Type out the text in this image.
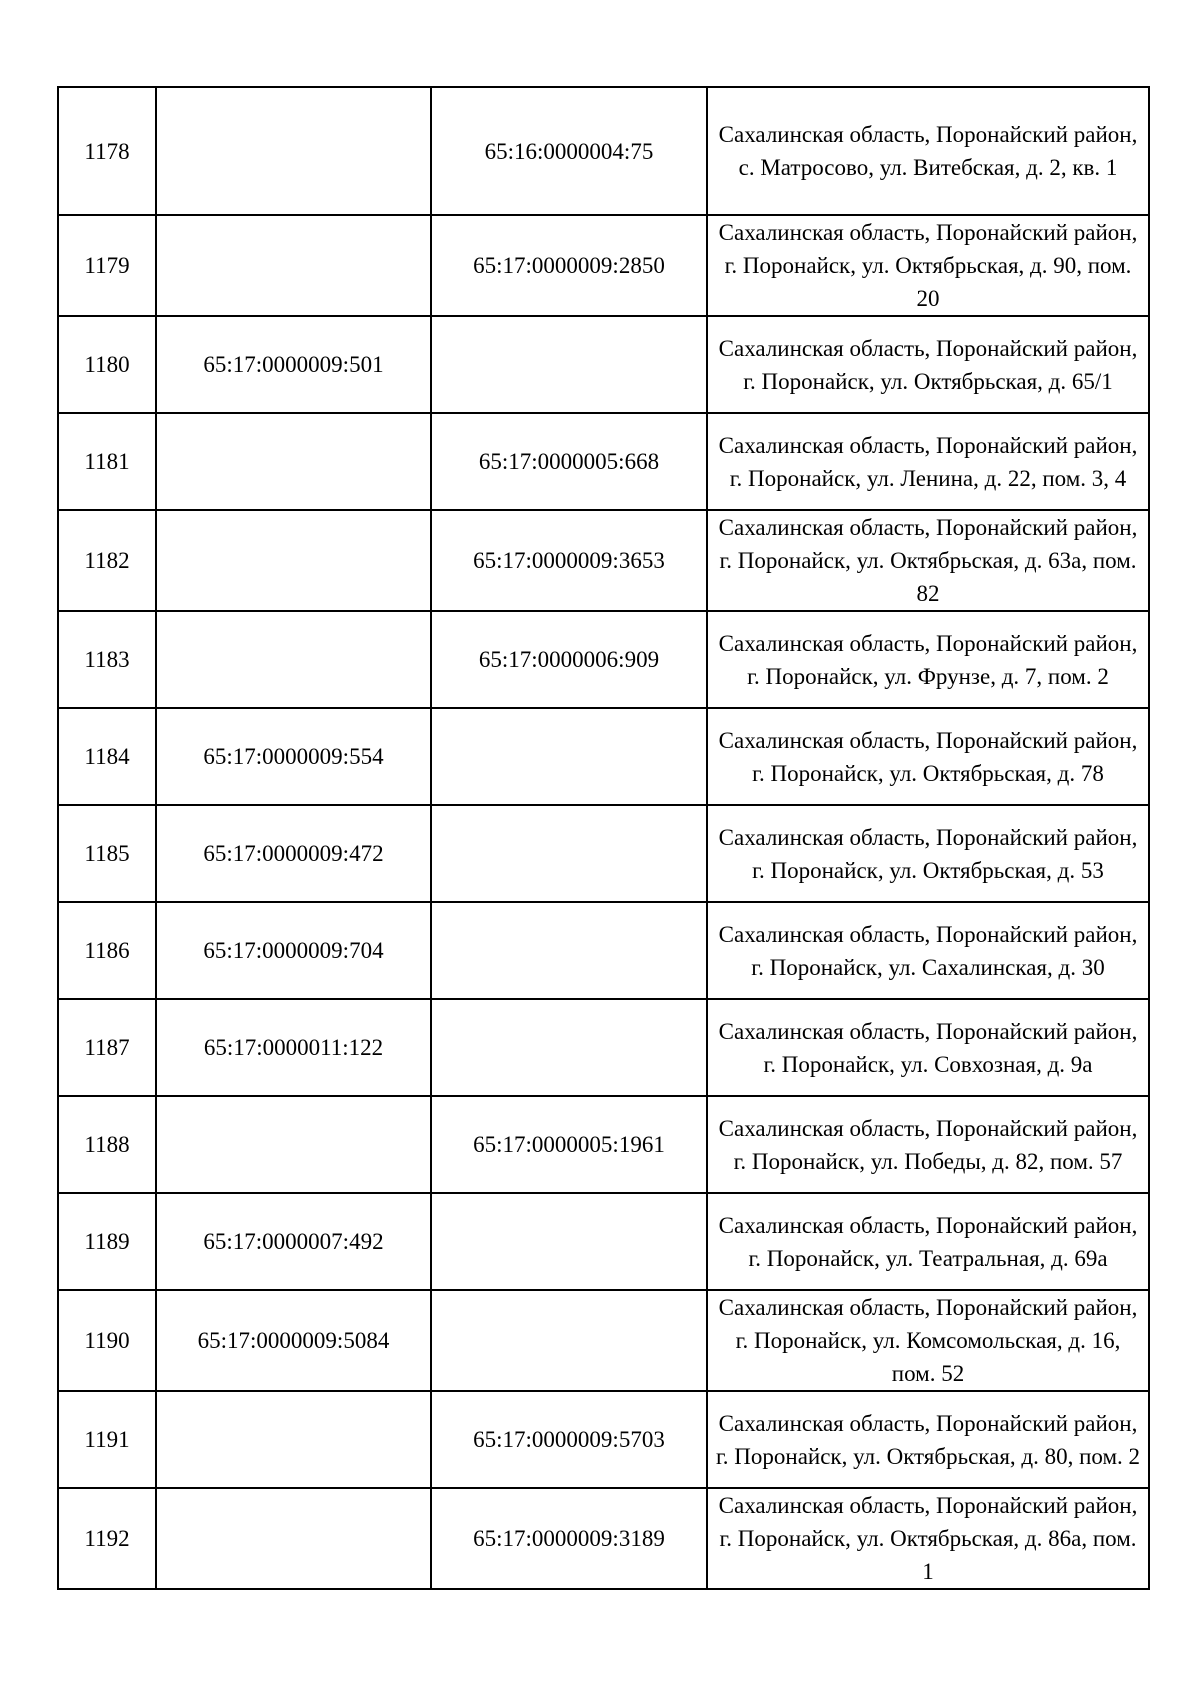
1178		65:16:0000004:75	Сахалинская область, Поронайский район, с. Матросово, ул. Витебская, д. 2, кв. 1
1179		65:17:0000009:2850	Сахалинская область, Поронайский район, г. Поронайск, ул. Октябрьская, д. 90, пом. 20
1180	65:17:0000009:501		Сахалинская область, Поронайский район, г. Поронайск, ул. Октябрьская, д. 65/1
1181		65:17:0000005:668	Сахалинская область, Поронайский район, г. Поронайск, ул. Ленина, д. 22, пом. 3, 4
1182		65:17:0000009:3653	Сахалинская область, Поронайский район, г. Поронайск, ул. Октябрьская, д. 63а, пом. 82
1183		65:17:0000006:909	Сахалинская область, Поронайский район, г. Поронайск, ул. Фрунзе, д. 7, пом. 2
1184	65:17:0000009:554		Сахалинская область, Поронайский район, г. Поронайск, ул. Октябрьская, д. 78
1185	65:17:0000009:472		Сахалинская область, Поронайский район, г. Поронайск, ул. Октябрьская, д. 53
1186	65:17:0000009:704		Сахалинская область, Поронайский район, г. Поронайск, ул. Сахалинская, д. 30
1187	65:17:0000011:122		Сахалинская область, Поронайский район, г. Поронайск, ул. Совхозная, д. 9а
1188		65:17:0000005:1961	Сахалинская область, Поронайский район, г. Поронайск, ул. Победы, д. 82, пом. 57
1189	65:17:0000007:492		Сахалинская область, Поронайский район, г. Поронайск, ул. Театральная, д. 69а
1190	65:17:0000009:5084		Сахалинская область, Поронайский район, г. Поронайск, ул. Комсомольская, д. 16, пом. 52
1191		65:17:0000009:5703	Сахалинская область, Поронайский район, г. Поронайск, ул. Октябрьская, д. 80, пом. 2
1192		65:17:0000009:3189	Сахалинская область, Поронайский район, г. Поронайск, ул. Октябрьская, д. 86а, пом. 1
